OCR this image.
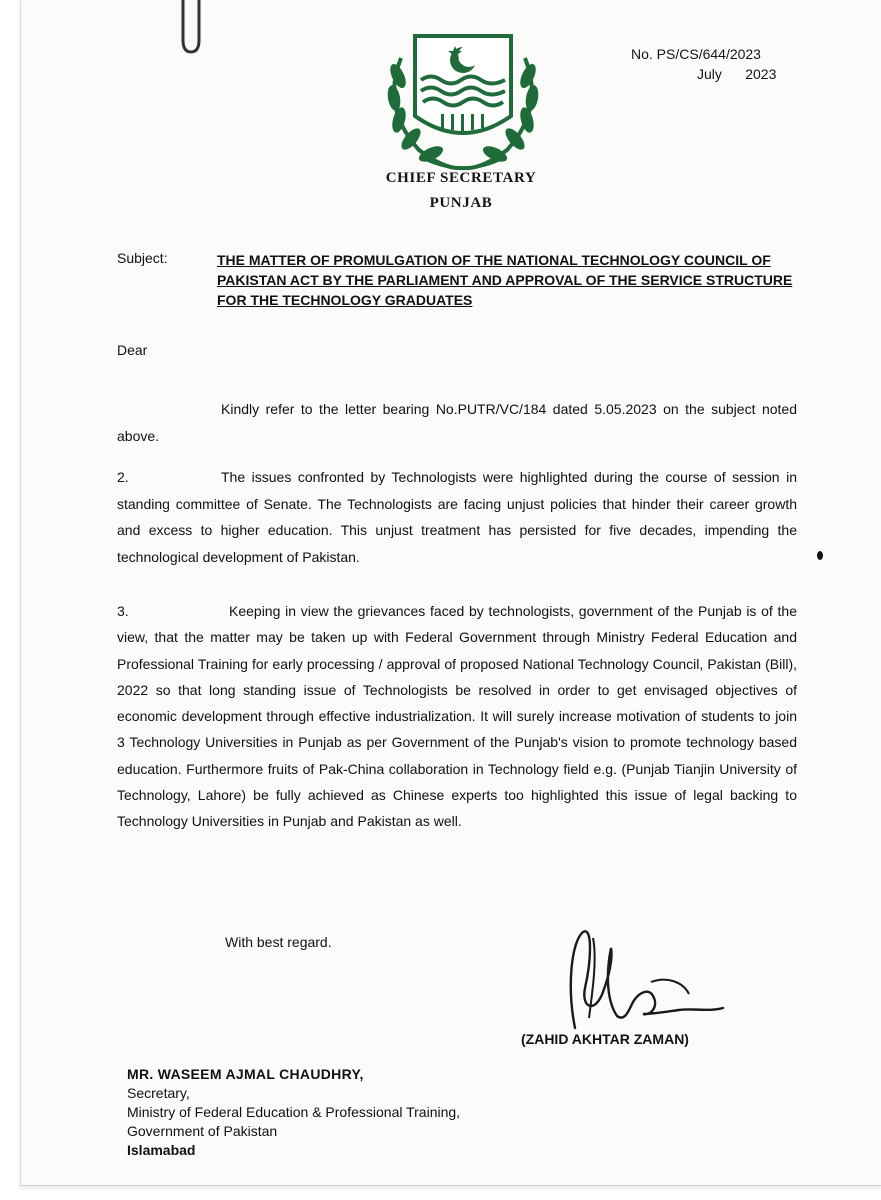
CHIEF SECRETARY
PUNJAB
No. PS/CS/644/2023
July      2023
Subject:	THE MATTER OF PROMULGATION OF THE NATIONAL TECHNOLOGY COUNCIL OF PAKISTAN ACT BY THE PARLIAMENT AND APPROVAL OF THE SERVICE STRUCTURE FOR THE TECHNOLOGY GRADUATES

Dear

Kindly refer to the letter bearing No.PUTR/VC/184 dated 5.05.2023 on the subject noted above.

2.	The issues confronted by Technologists were highlighted during the course of session in standing committee of Senate. The Technologists are facing unjust policies that hinder their career growth and excess to higher education. This unjust treatment has persisted for five decades, impending the technological development of Pakistan.

3.	Keeping in view the grievances faced by technologists, government of the Punjab is of the view, that the matter may be taken up with Federal Government through Ministry Federal Education and Professional Training for early processing / approval of proposed National Technology Council, Pakistan (Bill), 2022 so that long standing issue of Technologists be resolved in order to get envisaged objectives of economic development through effective industrialization. It will surely increase motivation of students to join 3 Technology Universities in Punjab as per Government of the Punjab's vision to promote technology based education. Furthermore fruits of Pak-China collaboration in Technology field e.g. (Punjab Tianjin University of Technology, Lahore) be fully achieved as Chinese experts too highlighted this issue of legal backing to Technology Universities in Punjab and Pakistan as well.

With best regard.
(ZAHID AKHTAR ZAMAN)
MR. WASEEM AJMAL CHAUDHRY,
Secretary,
Ministry of Federal Education & Professional Training,
Government of Pakistan
Islamabad
